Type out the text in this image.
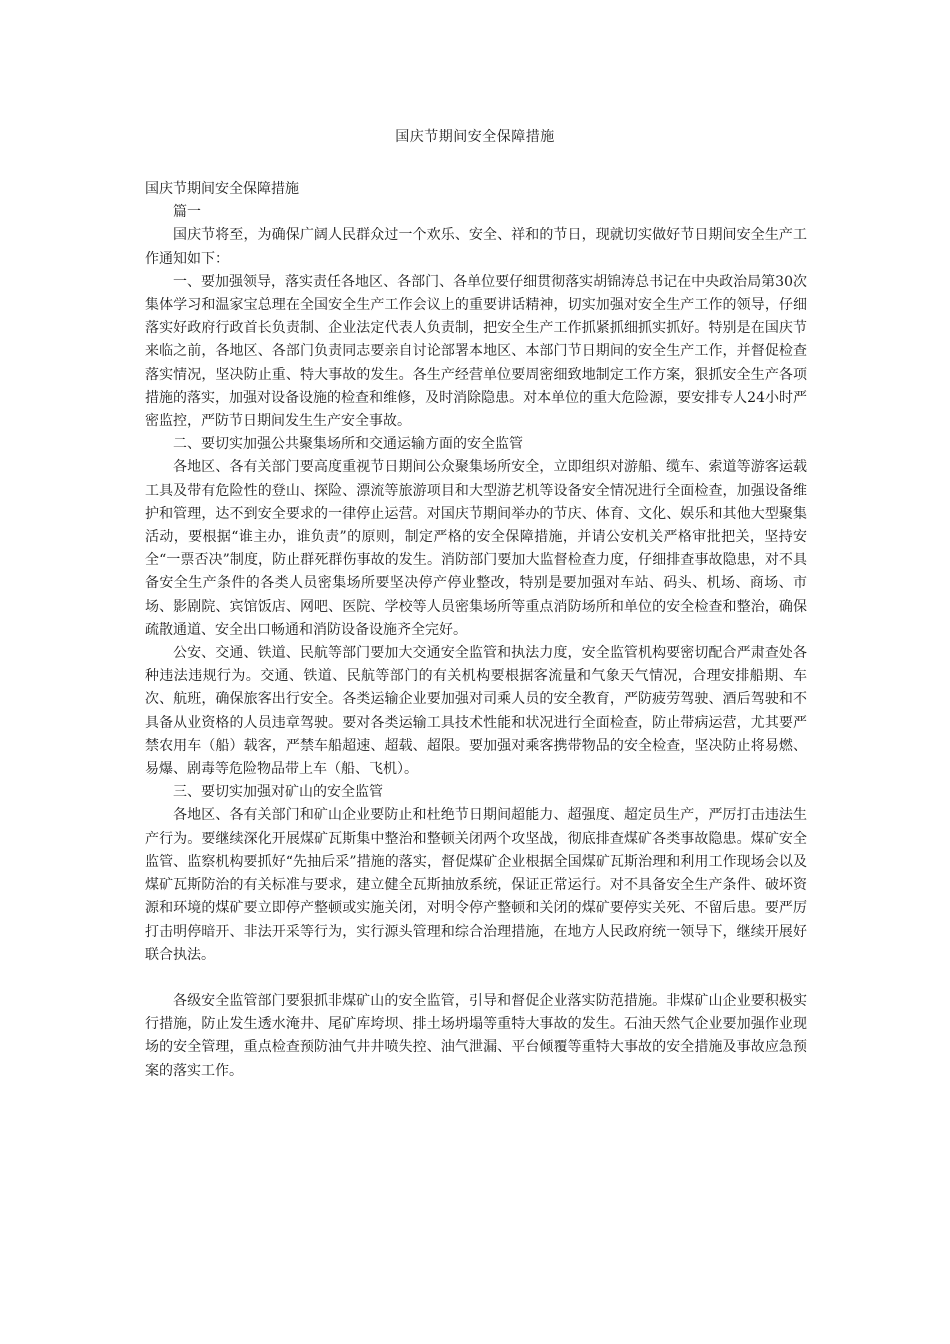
国庆节期间安全保障措施

国庆节期间安全保障措施

篇一

国庆节将至，为确保广阔人民群众过一个欢乐、安全、祥和的节日，现就切实做好节日期间安全生产工作通知如下：

一、要加强领导，落实责任各地区、各部门、各单位要仔细贯彻落实胡锦涛总书记在中央政治局第30次集体学习和温家宝总理在全国安全生产工作会议上的重要讲话精神，切实加强对安全生产工作的领导，仔细落实好政府行政首长负责制、企业法定代表人负责制，把安全生产工作抓紧抓细抓实抓好。特别是在国庆节来临之前，各地区、各部门负责同志要亲自讨论部署本地区、本部门节日期间的安全生产工作，并督促检查落实情况，坚决防止重、特大事故的发生。各生产经营单位要周密细致地制定工作方案，狠抓安全生产各项措施的落实，加强对设备设施的检查和维修，及时消除隐患。对本单位的重大危险源，要安排专人24小时严密监控，严防节日期间发生生产安全事故。

二、要切实加强公共聚集场所和交通运输方面的安全监管

各地区、各有关部门要高度重视节日期间公众聚集场所安全，立即组织对游船、缆车、索道等游客运载工具及带有危险性的登山、探险、漂流等旅游项目和大型游艺机等设备安全情况进行全面检查，加强设备维护和管理，达不到安全要求的一律停止运营。对国庆节期间举办的节庆、体育、文化、娱乐和其他大型聚集活动，要根据“谁主办，谁负责”的原则，制定严格的安全保障措施，并请公安机关严格审批把关，坚持安全“一票否决”制度，防止群死群伤事故的发生。消防部门要加大监督检查力度，仔细排查事故隐患，对不具备安全生产条件的各类人员密集场所要坚决停产停业整改，特别是要加强对车站、码头、机场、商场、市场、影剧院、宾馆饭店、网吧、医院、学校等人员密集场所等重点消防场所和单位的安全检查和整治，确保疏散通道、安全出口畅通和消防设备设施齐全完好。

公安、交通、铁道、民航等部门要加大交通安全监管和执法力度，安全监管机构要密切配合严肃查处各种违法违规行为。交通、铁道、民航等部门的有关机构要根据客流量和气象天气情况，合理安排船期、车次、航班，确保旅客出行安全。各类运输企业要加强对司乘人员的安全教育，严防疲劳驾驶、酒后驾驶和不具备从业资格的人员违章驾驶。要对各类运输工具技术性能和状况进行全面检查，防止带病运营，尤其要严禁农用车（船）载客，严禁车船超速、超载、超限。要加强对乘客携带物品的安全检查，坚决防止将易燃、易爆、剧毒等危险物品带上车（船、飞机）。

三、要切实加强对矿山的安全监管

各地区、各有关部门和矿山企业要防止和杜绝节日期间超能力、超强度、超定员生产，严厉打击违法生产行为。要继续深化开展煤矿瓦斯集中整治和整顿关闭两个攻坚战，彻底排查煤矿各类事故隐患。煤矿安全监管、监察机构要抓好“先抽后采”措施的落实，督促煤矿企业根据全国煤矿瓦斯治理和利用工作现场会以及煤矿瓦斯防治的有关标准与要求，建立健全瓦斯抽放系统，保证正常运行。对不具备安全生产条件、破坏资源和环境的煤矿要立即停产整顿或实施关闭，对明令停产整顿和关闭的煤矿要停实关死、不留后患。要严厉打击明停暗开、非法开采等行为，实行源头管理和综合治理措施，在地方人民政府统一领导下，继续开展好联合执法。

各级安全监管部门要狠抓非煤矿山的安全监管，引导和督促企业落实防范措施。非煤矿山企业要积极实行措施，防止发生透水淹井、尾矿库垮坝、排土场坍塌等重特大事故的发生。石油天然气企业要加强作业现场的安全管理，重点检查预防油气井井喷失控、油气泄漏、平台倾覆等重特大事故的安全措施及事故应急预案的落实工作。
